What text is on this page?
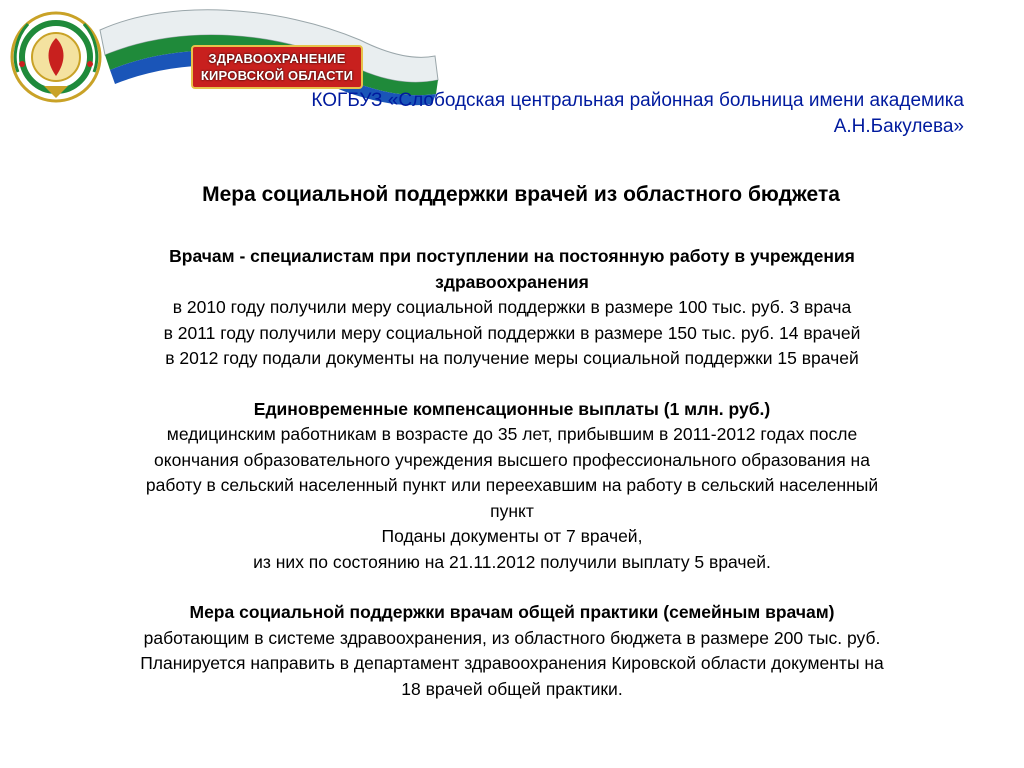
ЗДРАВООХРАНЕНИЕ
КИРОВСКОЙ ОБЛАСТИ
КОГБУЗ «Слободская центральная районная больница имени академика
А.Н.Бакулева»
Мера социальной поддержки врачей из областного бюджета
Врачам - специалистам при поступлении на постоянную работу в учреждения
здравоохранения
в 2010 году получили меру социальной поддержки в размере 100 тыс. руб. 3 врача
в 2011 году получили меру социальной поддержки в размере 150 тыс. руб. 14 врачей
в 2012 году подали документы на получение меры социальной поддержки 15 врачей
Единовременные компенсационные выплаты (1 млн. руб.)
медицинским работникам в возрасте до 35 лет, прибывшим в 2011-2012 годах после
окончания образовательного учреждения высшего профессионального образования на
работу в сельский населенный пункт или переехавшим на работу в сельский населенный
пункт
Поданы документы от 7 врачей,
из них по состоянию на 21.11.2012 получили выплату 5 врачей.
Мера социальной поддержки врачам общей практики (семейным врачам)
работающим в системе здравоохранения, из областного бюджета в размере 200 тыс. руб.
Планируется направить в департамент здравоохранения Кировской области документы на
18 врачей общей практики.
